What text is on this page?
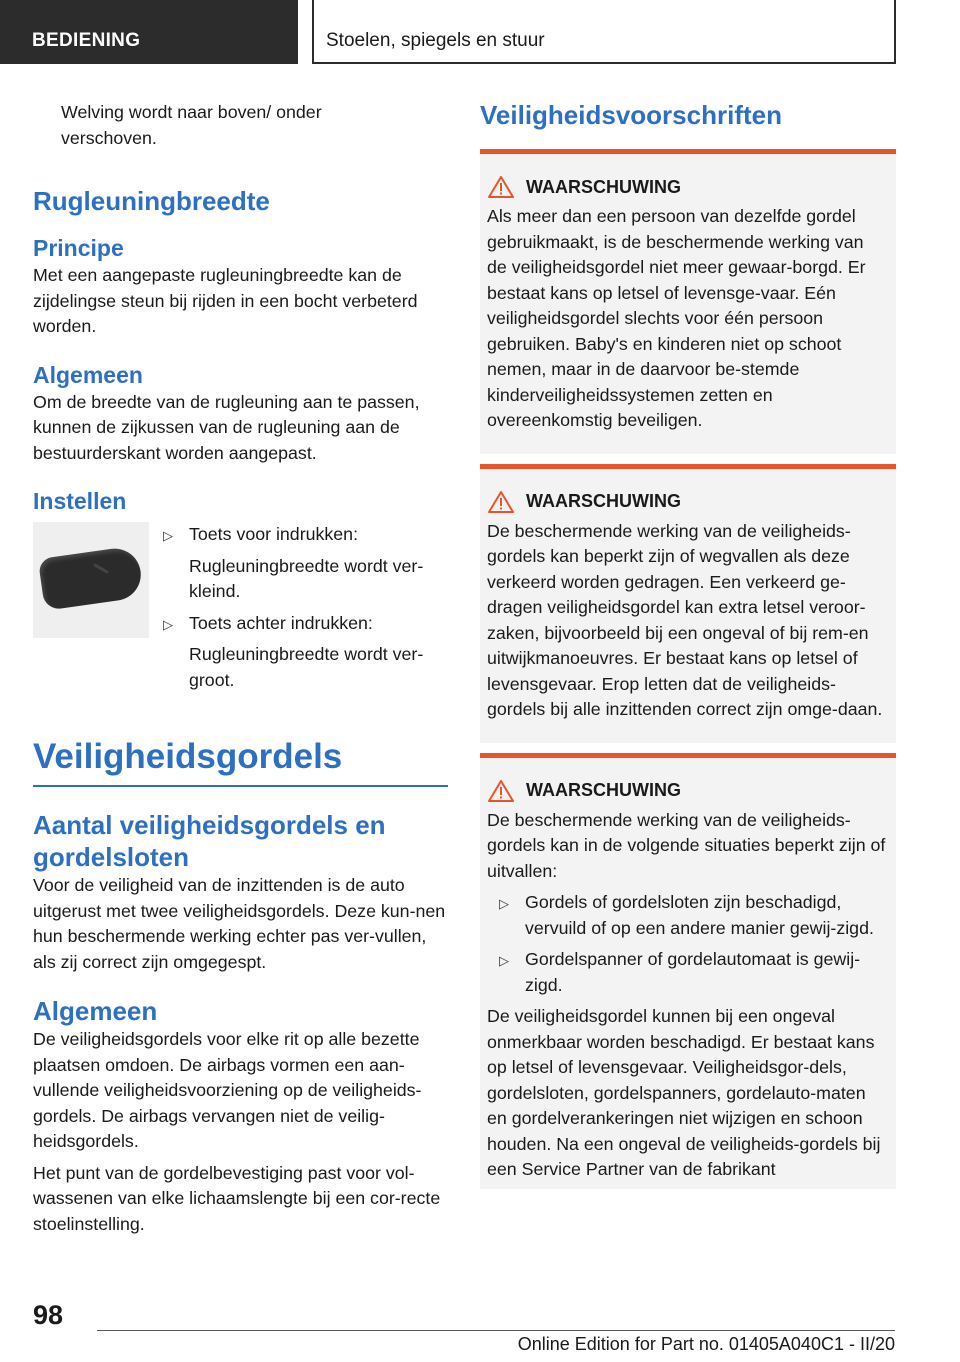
BEDIENING	Stoelen, spiegels en stuur

Welving wordt naar boven/ onder verschoven.

Rugleuningbreedte
Principe

Met een aangepaste rugleuningbreedte kan de zijdelingse steun bij rijden in een bocht verbeterd worden.

Algemeen

Om de breedte van de rugleuning aan te passen, kunnen de zijkussen van de rugleuning aan de bestuurderskant worden aangepast.

Instellen
▷ Toets voor indrukken:
Rugleuningbreedte wordt ver-kleind.
▷ Toets achter indrukken:
Rugleuningbreedte wordt ver-groot.
Veiligheidsgordels
Aantal veiligheidsgordels en gordelsloten

Voor de veiligheid van de inzittenden is de auto uitgerust met twee veiligheidsgordels. Deze kun-nen hun beschermende werking echter pas ver-vullen, als zij correct zijn omgegespt.

Algemeen

De veiligheidsgordels voor elke rit op alle bezette plaatsen omdoen. De airbags vormen een aan-vullende veiligheidsvoorziening op de veiligheids-gordels. De airbags vervangen niet de veilig-heidsgordels.

Het punt van de gordelbevestiging past voor vol-wassenen van elke lichaamslengte bij een cor-recte stoelinstelling.

Veiligheidsvoorschriften
WAARSCHUWING

Als meer dan een persoon van dezelfde gordel gebruikmaakt, is de beschermende werking van de veiligheidsgordel niet meer gewaar-borgd. Er bestaat kans op letsel of levensge-vaar. Eén veiligheidsgordel slechts voor één persoon gebruiken. Baby's en kinderen niet op schoot nemen, maar in de daarvoor be-stemde kinderveiligheidssystemen zetten en overeenkomstig beveiligen.

WAARSCHUWING

De beschermende werking van de veiligheids-gordels kan beperkt zijn of wegvallen als deze verkeerd worden gedragen. Een verkeerd ge-dragen veiligheidsgordel kan extra letsel veroor-zaken, bijvoorbeeld bij een ongeval of bij rem-en uitwijkmanoeuvres. Er bestaat kans op letsel of levensgevaar. Erop letten dat de veiligheids-gordels bij alle inzittenden correct zijn omge-daan.

WAARSCHUWING

De beschermende werking van de veiligheids-gordels kan in de volgende situaties beperkt zijn of uitvallen:

▷ Gordels of gordelsloten zijn beschadigd, vervuild of op een andere manier gewij-zigd.
▷ Gordelspanner of gordelautomaat is gewij-zigd.

De veiligheidsgordel kunnen bij een ongeval onmerkbaar worden beschadigd. Er bestaat kans op letsel of levensgevaar. Veiligheidsgor-dels, gordelsloten, gordelspanners, gordelauto-maten en gordelverankeringen niet wijzigen en schoon houden. Na een ongeval de veiligheids-gordels bij een Service Partner van de fabrikant

98
Online Edition for Part no. 01405A040C1 - II/20
